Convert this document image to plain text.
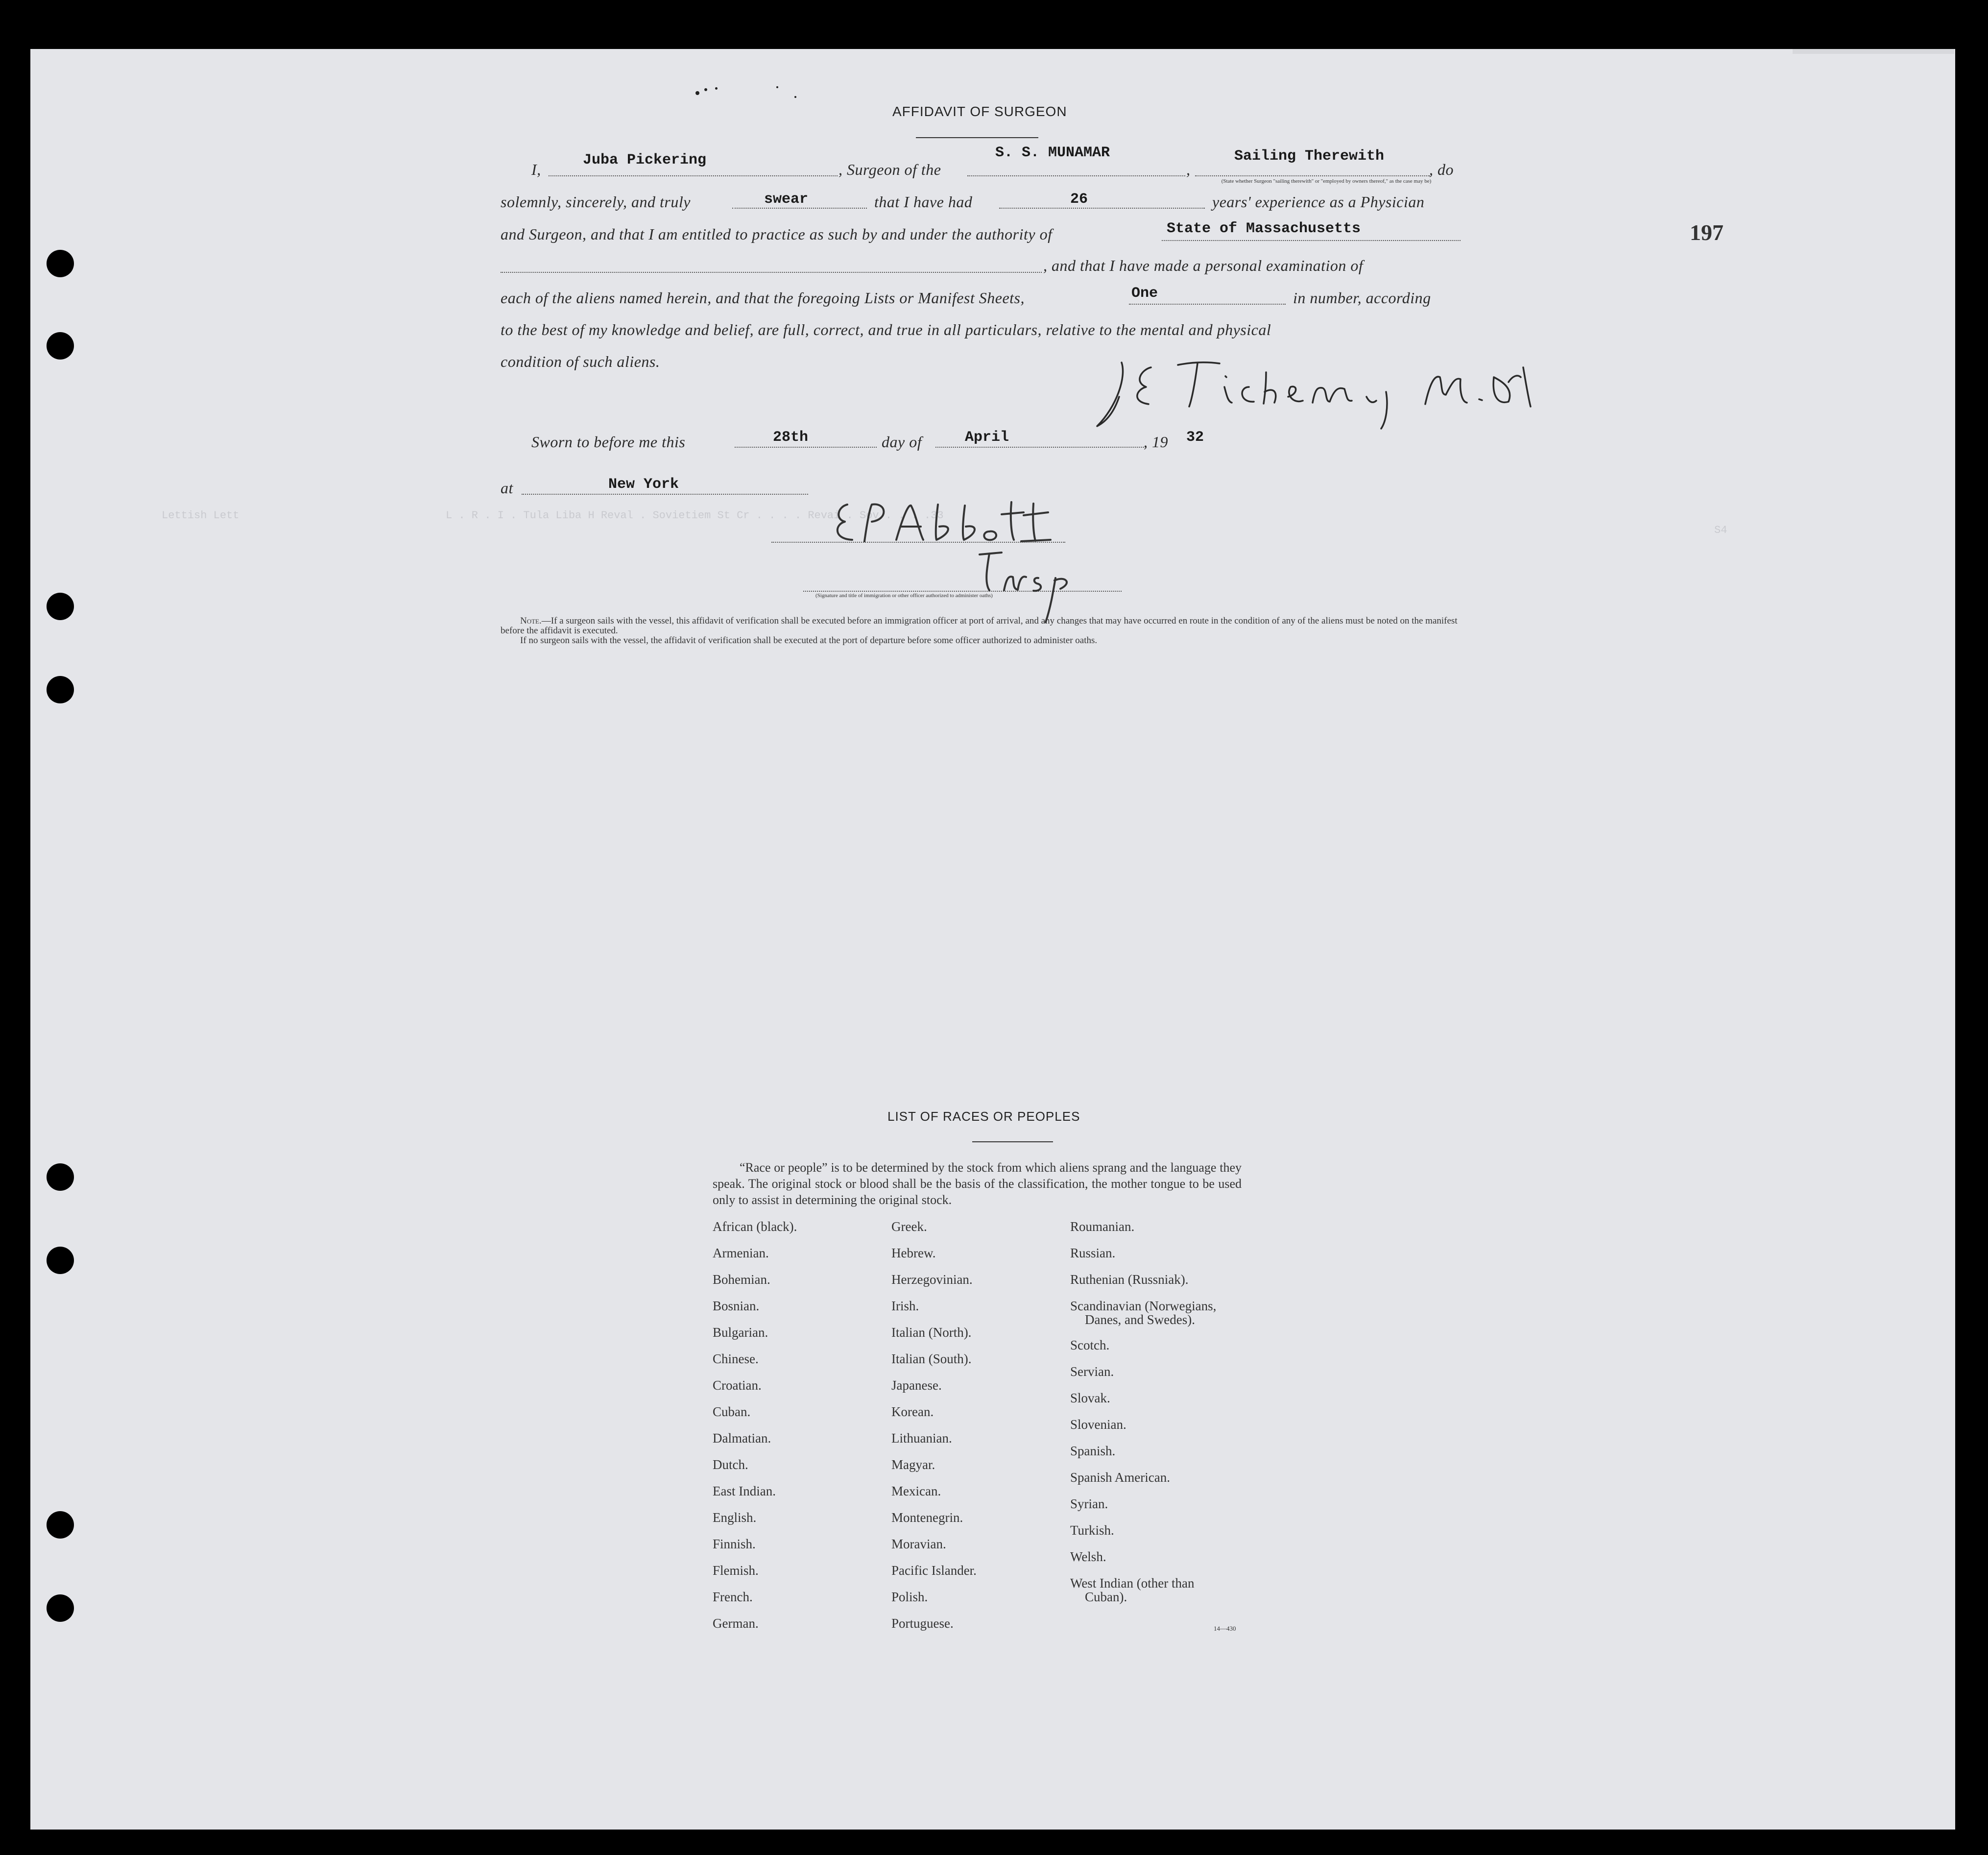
197
Lettish Lett	L . R . I . Tula Liba H Reval . Sovietiem St Cr . . . . Revai . Sov . . . .33
S4
AFFIDAVIT OF SURGEON
I,
Juba Pickering
, Surgeon of the
S. S. MUNAMAR
,
Sailing Therewith
, do
(State whether Surgeon "sailing therewith" or "employed by owners thereof," as the case may be)
solemnly, sincerely, and truly	swear	that I have had	26	years' experience as a Physician
and Surgeon, and that I am entitled to practice as such by and under the authority of	State of Massachusetts
, and that I have made a personal examination of
each of the aliens named herein, and that the foregoing Lists or Manifest Sheets,	One	in number, according
to the best of my knowledge and belief, are full, correct, and true in all particulars, relative to the mental and physical
condition of such aliens.
Sworn to before me this	28th	day of	April	, 19 32
at	New York
(Signature and title of immigration or other officer authorized to administer oaths)
Note.—If a surgeon sails with the vessel, this affidavit of verification shall be executed before an immigration officer at port of arrival, and any changes that may have occurred en route in the condition of any of the aliens must be noted on the manifest before the affidavit is executed.
If no surgeon sails with the vessel, the affidavit of verification shall be executed at the port of departure before some officer authorized to administer oaths.
LIST OF RACES OR PEOPLES
“Race or people” is to be determined by the stock from which aliens sprang and the language they speak. The original stock or blood shall be the basis of the classification, the mother tongue to be used only to assist in determining the original stock.
African (black).
Armenian.
Bohemian.
Bosnian.
Bulgarian.
Chinese.
Croatian.
Cuban.
Dalmatian.
Dutch.
East Indian.
English.
Finnish.
Flemish.
French.
German.
Greek.
Hebrew.
Herzegovinian.
Irish.
Italian (North).
Italian (South).
Japanese.
Korean.
Lithuanian.
Magyar.
Mexican.
Montenegrin.
Moravian.
Pacific Islander.
Polish.
Portuguese.
Roumanian.
Russian.
Ruthenian (Russniak).
Scandinavian (Norwegians,
Danes, and Swedes).
Scotch.
Servian.
Slovak.
Slovenian.
Spanish.
Spanish American.
Syrian.
Turkish.
Welsh.
West Indian (other than
Cuban).
14—430
